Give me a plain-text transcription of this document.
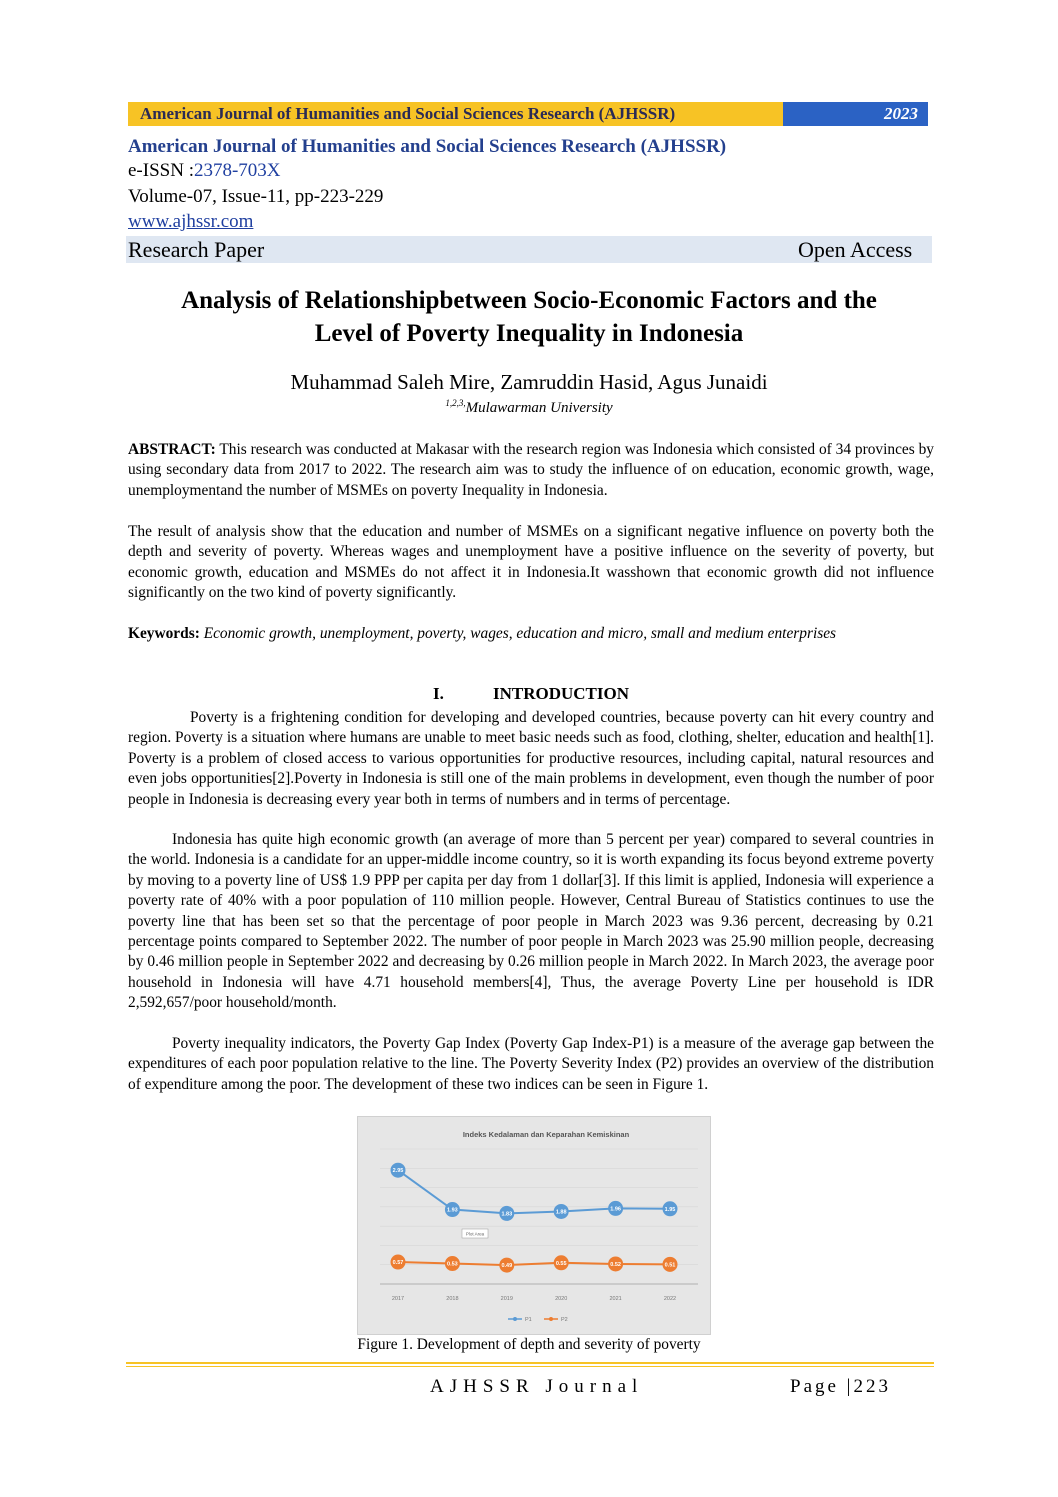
American Journal of Humanities and Social Sciences Research (AJHSSR)	2023
American Journal of Humanities and Social Sciences Research (AJHSSR)
e-ISSN :2378-703X
Volume-07, Issue-11, pp-223-229
www.ajhssr.com
Research Paper	Open Access
Analysis of Relationshipbetween Socio-Economic Factors and the
Level of Poverty Inequality in Indonesia
Muhammad Saleh Mire, Zamruddin Hasid, Agus Junaidi
$^{1,2,3,}$Mulawarman University
ABSTRACT: This research was conducted at Makasar with the research region was Indonesia which consisted of 34 provinces by using secondary data from 2017 to 2022. The research aim was to study the influence of on education, economic growth, wage, unemploymentand the number of MSMEs on poverty Inequality in Indonesia.
The result of analysis show that the education and number of MSMEs on a significant negative influence on poverty both the depth and severity of poverty. Whereas wages and unemployment have a positive influence on the severity of poverty, but economic growth, education and MSMEs do not affect it in Indonesia.It wasshown that economic growth did not influence significantly on the two kind of poverty significantly.
Keywords: Economic growth, unemployment, poverty, wages, education and micro, small and medium enterprises
I.	INTRODUCTION
Poverty is a frightening condition for developing and developed countries, because poverty can hit every country and region. Poverty is a situation where humans are unable to meet basic needs such as food, clothing, shelter, education and health[1]. Poverty is a problem of closed access to various opportunities for productive resources, including capital, natural resources and even jobs opportunities[2].Poverty in Indonesia is still one of the main problems in development, even though the number of poor people in Indonesia is decreasing every year both in terms of numbers and in terms of percentage.
Indonesia has quite high economic growth (an average of more than 5 percent per year) compared to several countries in the world. Indonesia is a candidate for an upper-middle income country, so it is worth expanding its focus beyond extreme poverty by moving to a poverty line of US$ 1.9 PPP per capita per day from 1 dollar[3]. If this limit is applied, Indonesia will experience a poverty rate of 40% with a poor population of 110 million people. However, Central Bureau of Statistics continues to use the poverty line that has been set so that the percentage of poor people in March 2023 was 9.36 percent, decreasing by 0.21 percentage points compared to September 2022. The number of poor people in March 2023 was 25.90 million people, decreasing by 0.46 million people in September 2022 and decreasing by 0.26 million people in March 2022. In March 2023, the average poor household in Indonesia will have 4.71 household members[4], Thus, the average Poverty Line per household is IDR 2,592,657/poor household/month.
Poverty inequality indicators, the Poverty Gap Index (Poverty Gap Index-P1) is a measure of the average gap between the expenditures of each poor population relative to the line. The Poverty Severity Index (P2) provides an overview of the distribution of expenditure among the poor. The development of these two indices can be seen in Figure 1.
Indeks Kedalaman dan Keparahan Kemiskinan
2.95
1.93
1.83	1.88
1.96	1.95
0.57	0.53	0.49	0.55	0.52	0.51
2017	2018	2019	2020	2021	2022
Plot Area
P1	P2
Figure 1. Development of depth and severity of poverty
AJHSSR Journal	Page |223
